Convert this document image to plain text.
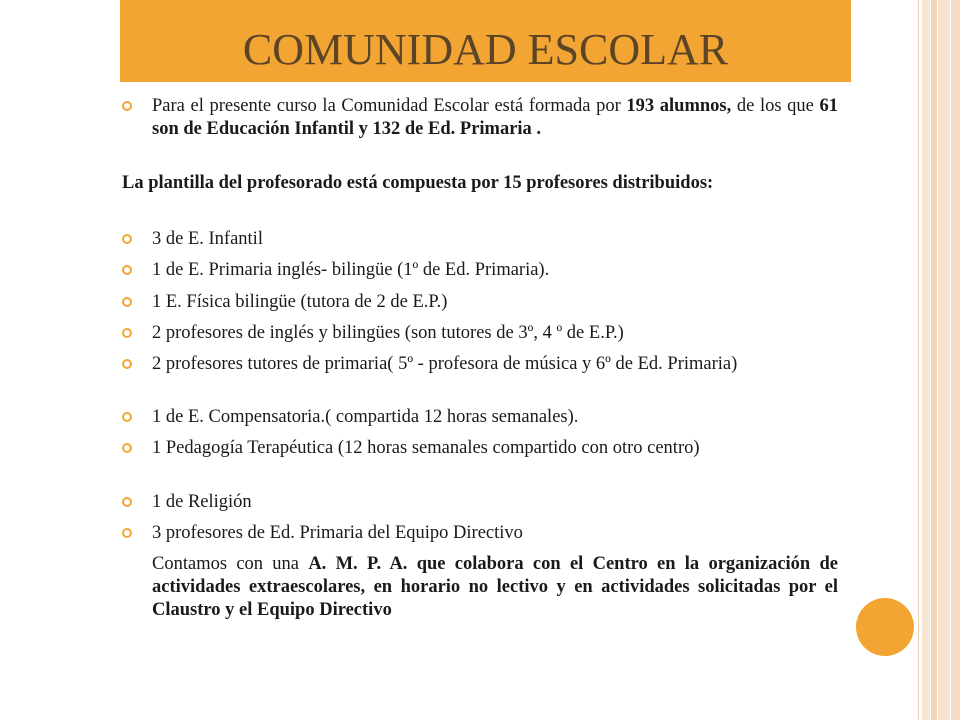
COMUNIDAD ESCOLAR

Para el presente curso la Comunidad Escolar está formada por 193 alumnos, de los que 61 son de Educación Infantil y 132 de Ed. Primaria .

La plantilla del profesorado está compuesta por 15 profesores distribuidos:

3 de E. Infantil

1 de E. Primaria inglés- bilingüe (1º de Ed. Primaria).

1 E. Física bilingüe (tutora de 2 de E.P.)

2 profesores de inglés y bilingües (son tutores de 3º, 4 º de E.P.)

2 profesores tutores de primaria( 5º - profesora de música y 6º de Ed. Primaria)

1 de E. Compensatoria.( compartida 12 horas semanales).

1 Pedagogía Terapéutica (12 horas semanales compartido con otro centro)

1 de Religión

3 profesores de Ed. Primaria del Equipo Directivo

Contamos con una A. M. P. A. que colabora con el Centro en la organización de actividades extraescolares, en horario no lectivo y en actividades solicitadas por el Claustro y el Equipo Directivo
